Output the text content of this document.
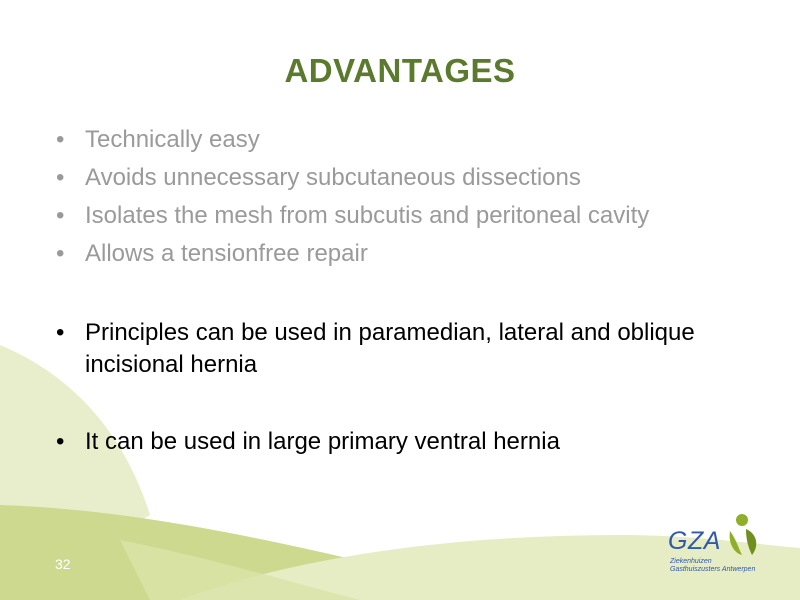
ADVANTAGES
• Technically easy
• Avoids unnecessary subcutaneous dissections
• Isolates the mesh from subcutis and peritoneal cavity
• Allows a tensionfree repair
• Principles can be used in paramedian, lateral and oblique incisional hernia
• It can be used in large primary ventral hernia
32
GZA
Ziekenhuizen
Gasthuiszusters Antwerpen
